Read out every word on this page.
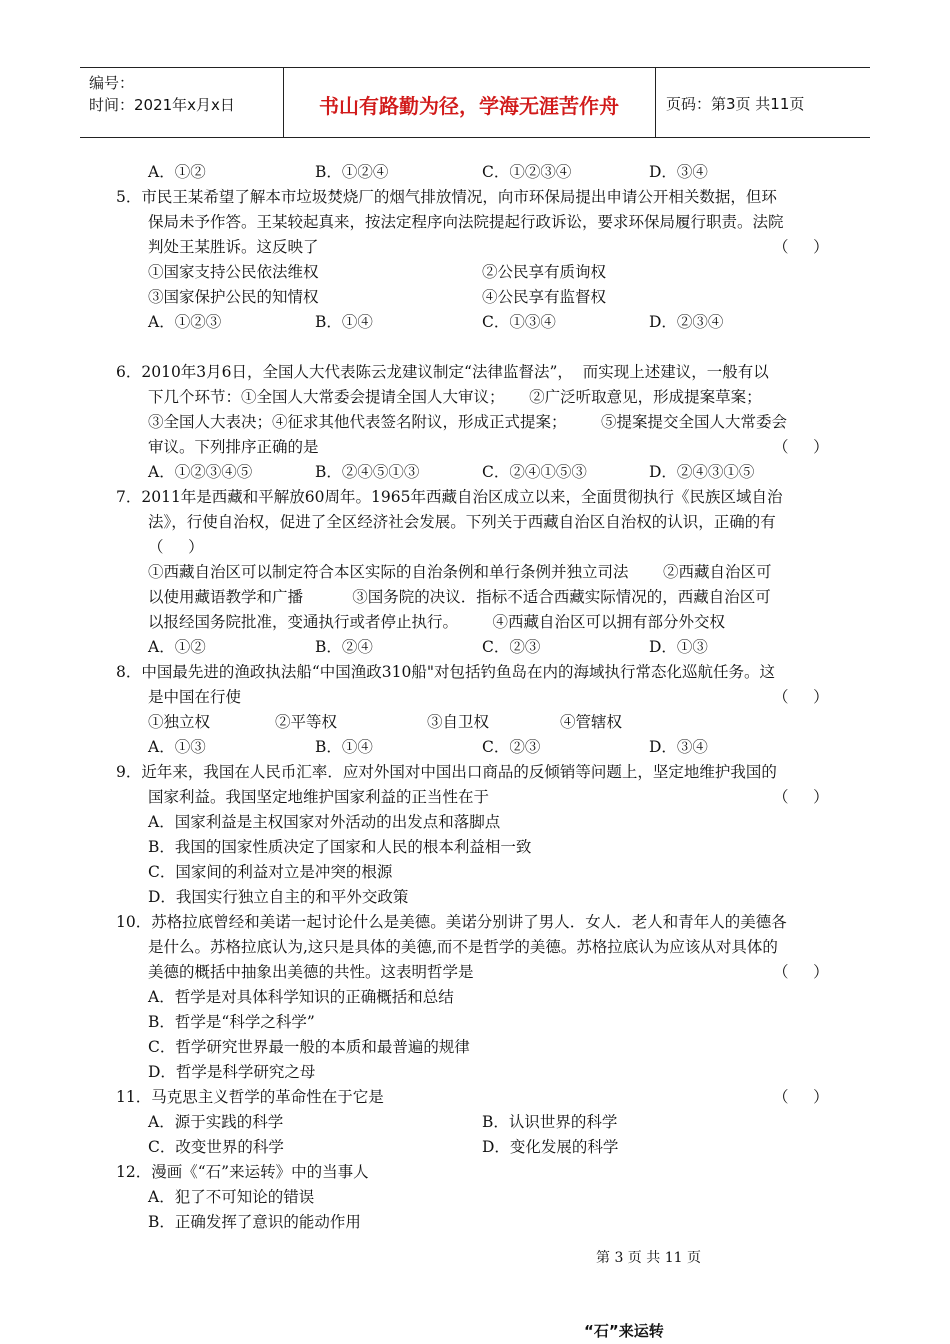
编号：
时间：2021年x月x日	书山有路勤为径，学海无涯苦作舟	页码：第3页 共11页
A．①②	B．①②④	C．①②③④	D．③④
5．市民王某希望了解本市垃圾焚烧厂的烟气排放情况，向市环保局提出申请公开相关数据，但环
保局未予作答。王某较起真来，按法定程序向法院提起行政诉讼，要求环保局履行职责。法院
判处王某胜诉。这反映了
①国家支持公民依法维权	②公民享有质询权
③国家保护公民的知情权	④公民享有监督权
A．①②③	B．①④	C．①③④	D．②③④
6．2010年3月6日，全国人大代表陈云龙建议制定“法律监督法”，  而实现上述建议，一般有以
下几个环节：①全国人大常委会提请全国人大审议；     ②广泛听取意见，形成提案草案；
③全国人大表决；④征求其他代表签名附议，形成正式提案；       ⑤提案提交全国人大常委会
审议。下列排序正确的是
A．①②③④⑤	B．②④⑤①③	C．②④①⑤③	D．②④③①⑤
7．2011年是西藏和平解放60周年。1965年西藏自治区成立以来，全面贯彻执行《民族区域自治
法》，行使自治权，促进了全区经济社会发展。下列关于西藏自治区自治权的认识，正确的有
（     ）
①西藏自治区可以制定符合本区实际的自治条例和单行条例并独立司法       ②西藏自治区可
以使用藏语教学和广播          ③国务院的决议．指标不适合西藏实际情况的，西藏自治区可
以报经国务院批准，变通执行或者停止执行。       ④西藏自治区可以拥有部分外交权
A．①②	B．②④	C．②③	D．①③
8．中国最先进的渔政执法船“中国渔政310船"对包括钓鱼岛在内的海域执行常态化巡航任务。这
是中国在行使
①独立权	②平等权	③自卫权	④管辖权
A．①③	B．①④	C．②③	D．③④
9．近年来，我国在人民币汇率．应对外国对中国出口商品的反倾销等问题上，坚定地维护我国的
国家利益。我国坚定地维护国家利益的正当性在于
A．国家利益是主权国家对外活动的出发点和落脚点
B．我国的国家性质决定了国家和人民的根本利益相一致
C．国家间的利益对立是冲突的根源
D．我国实行独立自主的和平外交政策
10．苏格拉底曾经和美诺一起讨论什么是美德。美诺分别讲了男人．女人．老人和青年人的美德各
是什么。苏格拉底认为,这只是具体的美德,而不是哲学的美德。苏格拉底认为应该从对具体的
美德的概括中抽象出美德的共性。这表明哲学是
A．哲学是对具体科学知识的正确概括和总结
B．哲学是“科学之科学”
C．哲学研究世界最一般的本质和最普遍的规律
D．哲学是科学研究之母
11．马克思主义哲学的革命性在于它是
A．源于实践的科学	B．认识世界的科学
C．改变世界的科学	D．变化发展的科学
12．漫画《“石”来运转》中的当事人
A．犯了不可知论的错误
B．正确发挥了意识的能动作用
（     ）
（     ）
（     ）
（     ）
（     ）
（     ）
第 3 页 共 11 页
“石”来运转
